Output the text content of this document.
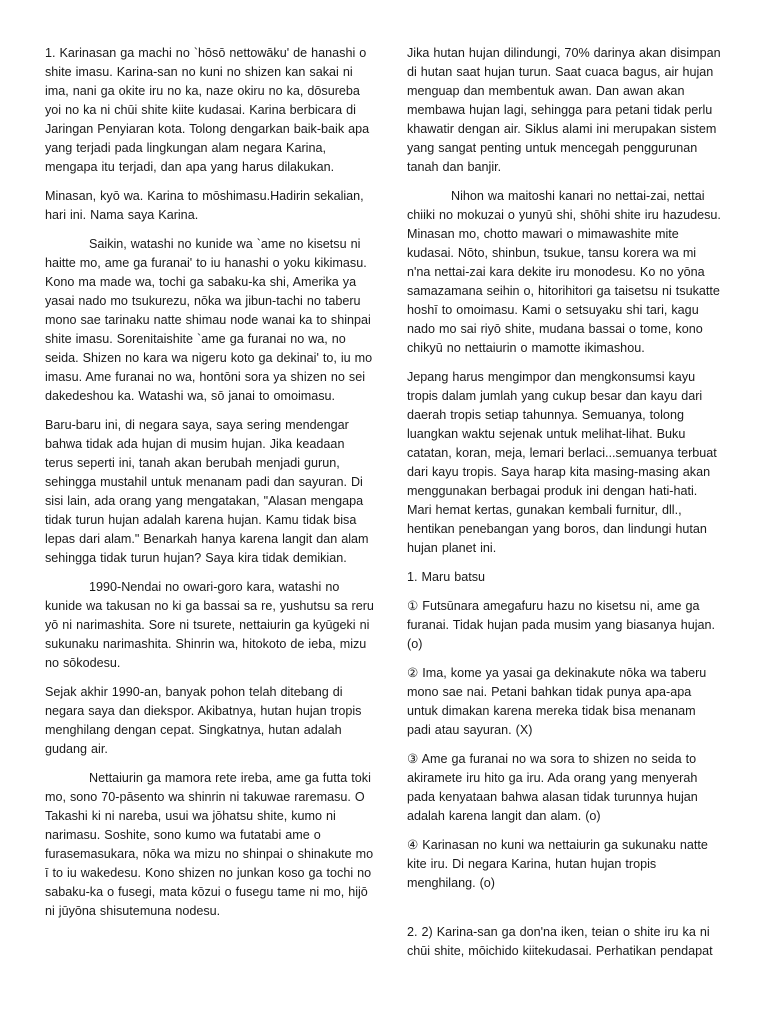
1. Karinasan ga machi no `hōsō nettowāku' de hanashi o shite imasu. Karina-san no kuni no shizen kan sakai ni ima, nani ga okite iru no ka, naze okiru no ka, dōsureba yoi no ka ni chūi shite kiite kudasai. Karina berbicara di Jaringan Penyiaran kota. Tolong dengarkan baik-baik apa yang terjadi pada lingkungan alam negara Karina, mengapa itu terjadi, dan apa yang harus dilakukan.

Minasan, kyō wa. Karina to mōshimasu.Hadirin sekalian, hari ini. Nama saya Karina.

Saikin, watashi no kunide wa `ame no kisetsu ni haitte mo, ame ga furanai' to iu hanashi o yoku kikimasu. Kono ma made wa, tochi ga sabaku-ka shi, Amerika ya yasai nado mo tsukurezu, nōka wa jibun-tachi no taberu mono sae tarinaku natte shimau node wanai ka to shinpai shite imasu. Sorenitaishite `ame ga furanai no wa, no seida. Shizen no kara wa nigeru koto ga dekinai' to, iu mo imasu. Ame furanai no wa, hontōni sora ya shizen no sei dakedeshou ka. Watashi wa, sō janai to omoimasu.

Baru-baru ini, di negara saya, saya sering mendengar bahwa tidak ada hujan di musim hujan. Jika keadaan terus seperti ini, tanah akan berubah menjadi gurun, sehingga mustahil untuk menanam padi dan sayuran. Di sisi lain, ada orang yang mengatakan, "Alasan mengapa tidak turun hujan adalah karena hujan. Kamu tidak bisa lepas dari alam." Benarkah hanya karena langit dan alam sehingga tidak turun hujan? Saya kira tidak demikian.

1990-Nendai no owari-goro kara, watashi no kunide wa takusan no ki ga bassai sa re, yushutsu sa reru yō ni narimashita. Sore ni tsurete, nettaiurin ga kyūgeki ni sukunaku narimashita. Shinrin wa, hitokoto de ieba, mizu no sōkodesu.

Sejak akhir 1990-an, banyak pohon telah ditebang di negara saya dan diekspor. Akibatnya, hutan hujan tropis menghilang dengan cepat. Singkatnya, hutan adalah gudang air.

Nettaiurin ga mamora rete ireba, ame ga futta toki mo, sono 70-pāsento wa shinrin ni takuwae raremasu. O Takashi ki ni nareba, usui wa jōhatsu shite, kumo ni narimasu. Soshite, sono kumo wa futatabi ame o furasemasukara, nōka wa mizu no shinpai o shinakute mo ī to iu wakedesu. Kono shizen no junkan koso ga tochi no sabaku-ka o fusegi, mata kōzui o fusegu tame ni mo, hijō ni jūyōna shisutemuna nodesu.

Jika hutan hujan dilindungi, 70% darinya akan disimpan di hutan saat hujan turun. Saat cuaca bagus, air hujan menguap dan membentuk awan. Dan awan akan membawa hujan lagi, sehingga para petani tidak perlu khawatir dengan air. Siklus alami ini merupakan sistem yang sangat penting untuk mencegah penggurunan tanah dan banjir.

Nihon wa maitoshi kanari no nettai-zai, nettai chiiki no mokuzai o yunyū shi, shōhi shite iru hazudesu. Minasan mo, chotto mawari o mimawashite mite kudasai. Nōto, shinbun, tsukue, tansu korera wa mi n'na nettai-zai kara dekite iru monodesu. Ko no yōna samazamana seihin o, hitorihitori ga taisetsu ni tsukatte hoshī to omoimasu. Kami o setsuyaku shi tari, kagu nado mo sai riyō shite, mudana bassai o tome, kono chikyū no nettaiurin o mamotte ikimashou.

Jepang harus mengimpor dan mengkonsumsi kayu tropis dalam jumlah yang cukup besar dan kayu dari daerah tropis setiap tahunnya. Semuanya, tolong luangkan waktu sejenak untuk melihat-lihat. Buku catatan, koran, meja, lemari berlaci...semuanya terbuat dari kayu tropis. Saya harap kita masing-masing akan menggunakan berbagai produk ini dengan hati-hati. Mari hemat kertas, gunakan kembali furnitur, dll., hentikan penebangan yang boros, dan lindungi hutan hujan planet ini.

1. Maru batsu

① Futsūnara amegafuru hazu no kisetsu ni, ame ga furanai. Tidak hujan pada musim yang biasanya hujan. (o)

② Ima, kome ya yasai ga dekinakute nōka wa taberu mono sae nai. Petani bahkan tidak punya apa-apa untuk dimakan karena mereka tidak bisa menanam padi atau sayuran. (X)

③ Ame ga furanai no wa sora to shizen no seida to akiramete iru hito ga iru. Ada orang yang menyerah pada kenyataan bahwa alasan tidak turunnya hujan adalah karena langit dan alam. (o)

④ Karinasan no kuni wa nettaiurin ga sukunaku natte kite iru. Di negara Karina, hutan hujan tropis menghilang. (o)

2. 2) Karina-san ga don'na iken, teian o shite iru ka ni chūi shite, mōichido kiitekudasai. Perhatikan pendapat
